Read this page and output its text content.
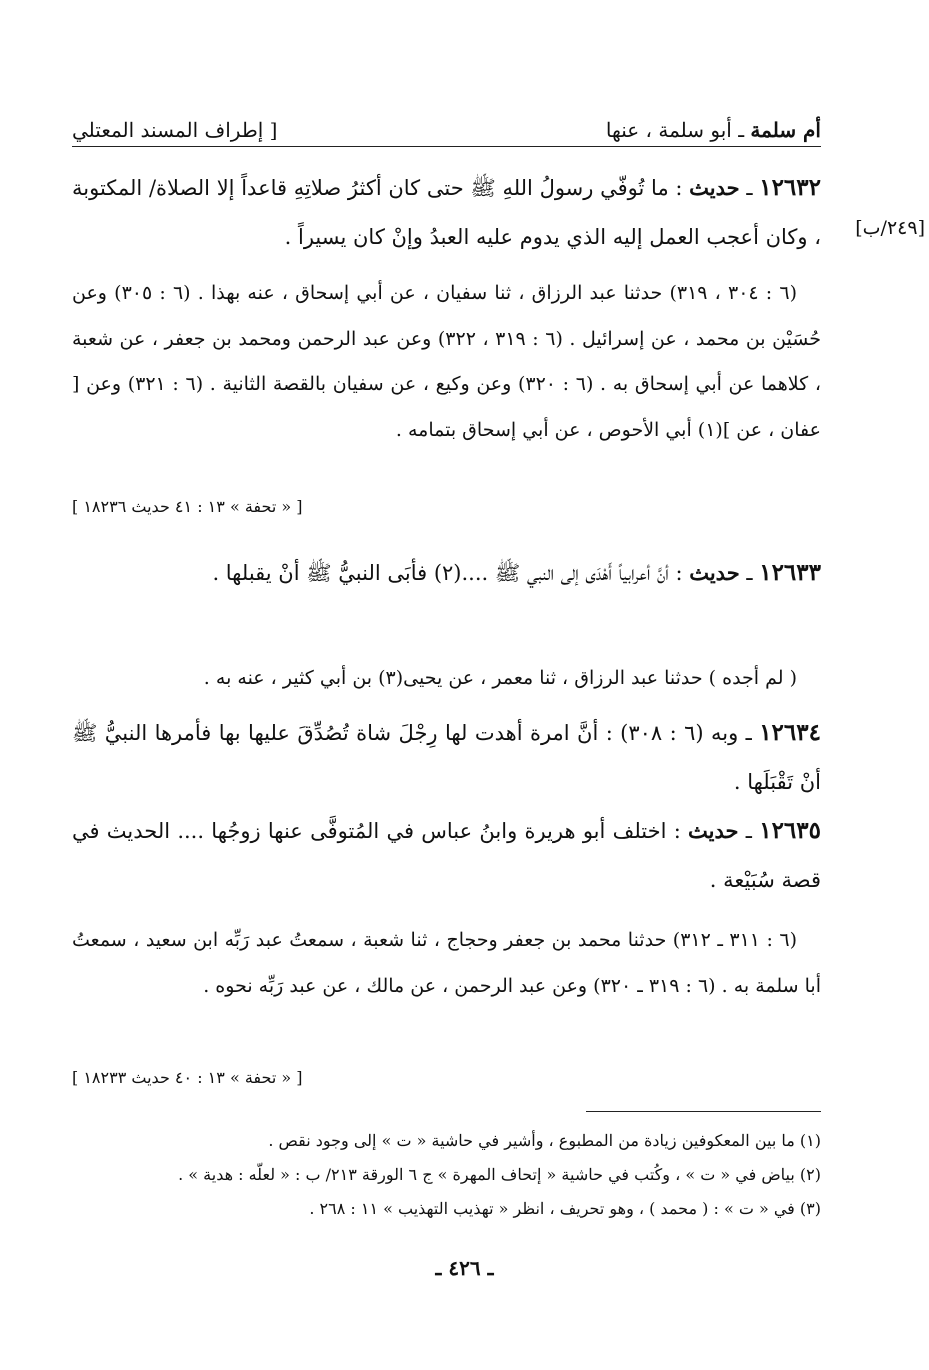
أم سلمة ـ أبو سلمة ، عنها
[ إطراف المسند المعتلي
[٢٤٩/ب]
١٢٦٣٢ ـ حديث : ما تُوفّي رسولُ اللهِ ﷺ حتى كان أكثرُ صلاتِهِ قاعداً إلا الصلاة/ المكتوبة ، وكان أعجب العمل إليه الذي يدوم عليه العبدُ وإنْ كان يسيراً .
(٦ : ٣٠٤ ، ٣١٩) حدثنا عبد الرزاق ، ثنا سفيان ، عن أبي إسحاق ، عنه بهذا . (٦ : ٣٠٥) وعن حُسَيْن بن محمد ، عن إسرائيل . (٦ : ٣١٩ ، ٣٢٢) وعن عبد الرحمن ومحمد بن جعفر ، عن شعبة ، كلاهما عن أبي إسحاق به . (٦ : ٣٢٠) وعن وكيع ، عن سفيان بالقصة الثانية . (٦ : ٣٢١) وعن [ عفان ، عن ](١) أبي الأحوص ، عن أبي إسحاق بتمامه .
[ « تحفة » ١٣ : ٤١ حديث ١٨٢٣٦ ]
١٢٦٣٣ ـ حديث : أنَّ أعرابياً أَهْدَى إلى النبي ﷺ ....(٢) فأبَى النبيُّ ﷺ أنْ يقبلها .
( لم أجده ) حدثنا عبد الرزاق ، ثنا معمر ، عن يحيى(٣) بن أبي كثير ، عنه به .
١٢٦٣٤ ـ وبه (٦ : ٣٠٨) : أنَّ امرة أهدت لها رِجْلَ شاة تُصُدِّقَ عليها بها فأمرها النبيُّ ﷺ أنْ تَقْبَلَها .
١٢٦٣٥ ـ حديث : اختلف أبو هريرة وابنُ عباس في المُتوفَّى عنها زوجُها .... الحديث في قصة سُبَيْعة .
(٦ : ٣١١ ـ ٣١٢) حدثنا محمد بن جعفر وحجاج ، ثنا شعبة ، سمعتُ عبد رَبِّه ابن سعيد ، سمعتُ أبا سلمة به . (٦ : ٣١٩ ـ ٣٢٠) وعن عبد الرحمن ، عن مالك ، عن عبد رَبِّه نحوه .
[ « تحفة » ١٣ : ٤٠ حديث ١٨٢٣٣ ]
(١) ما بين المعكوفين زيادة من المطبوع ، وأشير في حاشية « ت » إلى وجود نقص .
(٢) بياض في « ت » ، وكُتب في حاشية « إتحاف المهرة » ج ٦ الورقة ٢١٣/ ب : « لعلّه : هدية » .
(٣) في « ت » : ( محمد ) ، وهو تحريف ، انظر « تهذيب التهذيب » ١١ : ٢٦٨ .
ـ ٤٢٦ ـ
